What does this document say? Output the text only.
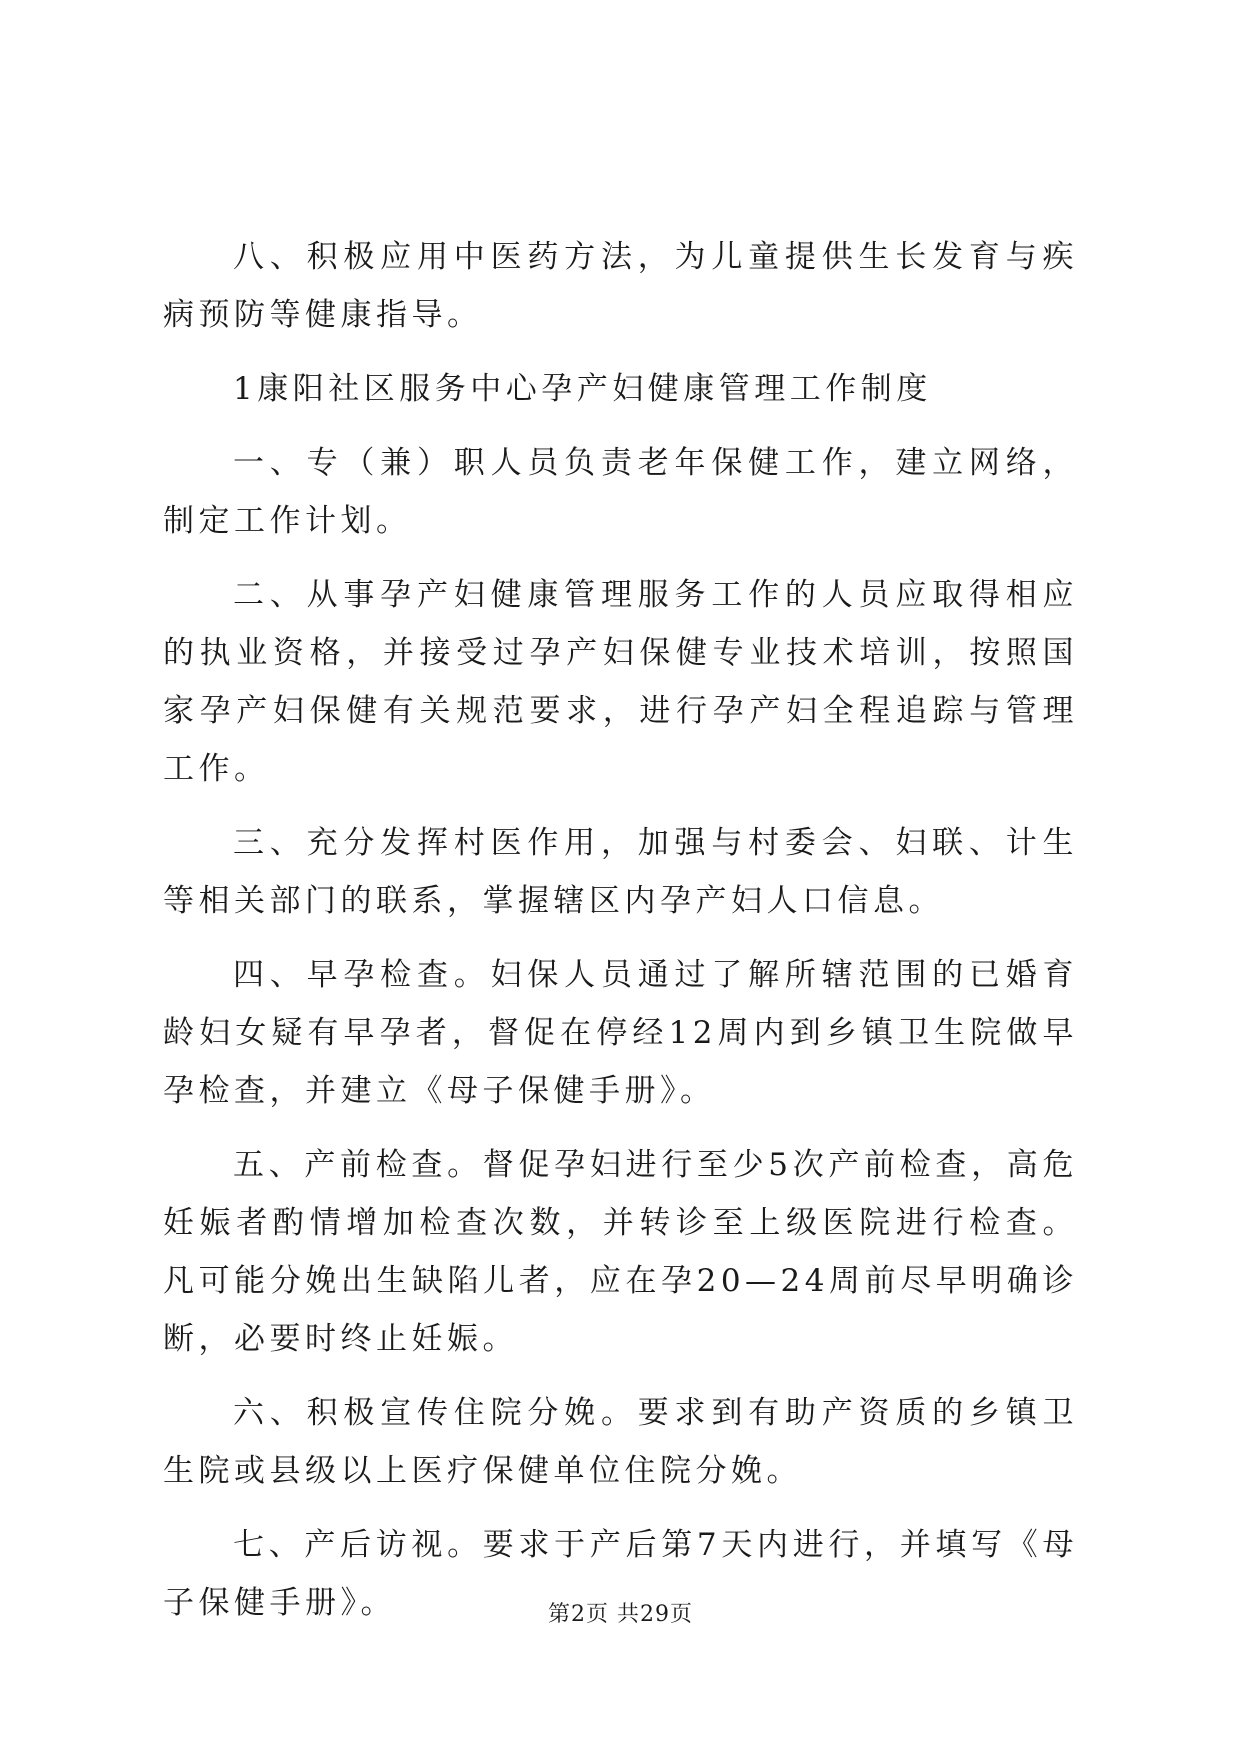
八、积极应用中医药方法，为儿童提供生长发育与疾病预防等健康指导。

1康阳社区服务中心孕产妇健康管理工作制度

一、专（兼）职人员负责老年保健工作，建立网络，制定工作计划。

二、从事孕产妇健康管理服务工作的人员应取得相应的执业资格，并接受过孕产妇保健专业技术培训，按照国家孕产妇保健有关规范要求，进行孕产妇全程追踪与管理工作。

三、充分发挥村医作用，加强与村委会、妇联、计生等相关部门的联系，掌握辖区内孕产妇人口信息。

四、早孕检查。妇保人员通过了解所辖范围的已婚育龄妇女疑有早孕者，督促在停经12周内到乡镇卫生院做早孕检查，并建立《母子保健手册》。

五、产前检查。督促孕妇进行至少5次产前检查，高危妊娠者酌情增加检查次数，并转诊至上级医院进行检查。凡可能分娩出生缺陷儿者，应在孕20—24周前尽早明确诊断，必要时终止妊娠。

六、积极宣传住院分娩。要求到有助产资质的乡镇卫生院或县级以上医疗保健单位住院分娩。

七、产后访视。要求于产后第7天内进行，并填写《母子保健手册》。	第2页 共29页
